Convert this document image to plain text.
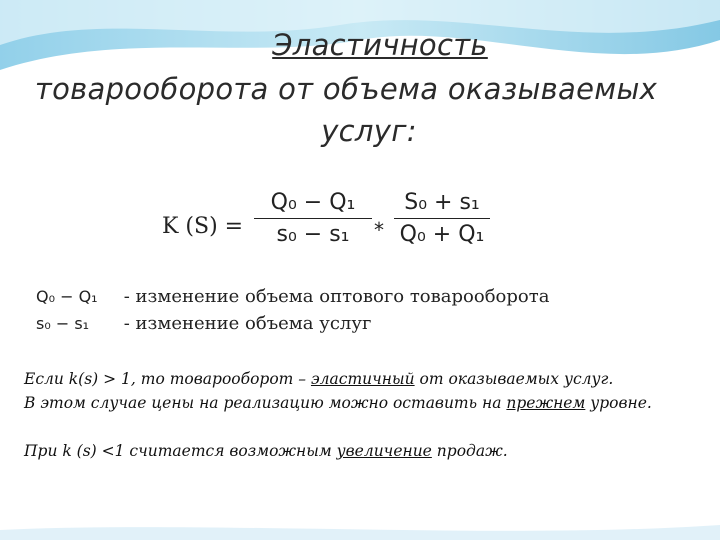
Эластичность
товарооборота от объема оказываемых
услуг:
K $(S) = \frac{\text{Q₀ − Q₁}}{\text{s₀ − s₁}} * \frac{\text{S₀ + s₁}}{\text{Q₀ + Q₁}}$
Q₀ − Q₁ - изменение объема оптового товарооборота
s₀ − s₁ - изменение объема услуг
Если k(s) > 1, то товарооборот – эластичный от оказываемых услуг.
В этом случае цены на реализацию можно оставить на прежнем уровне.
При k (s) <1 считается возможным увеличение продаж.
